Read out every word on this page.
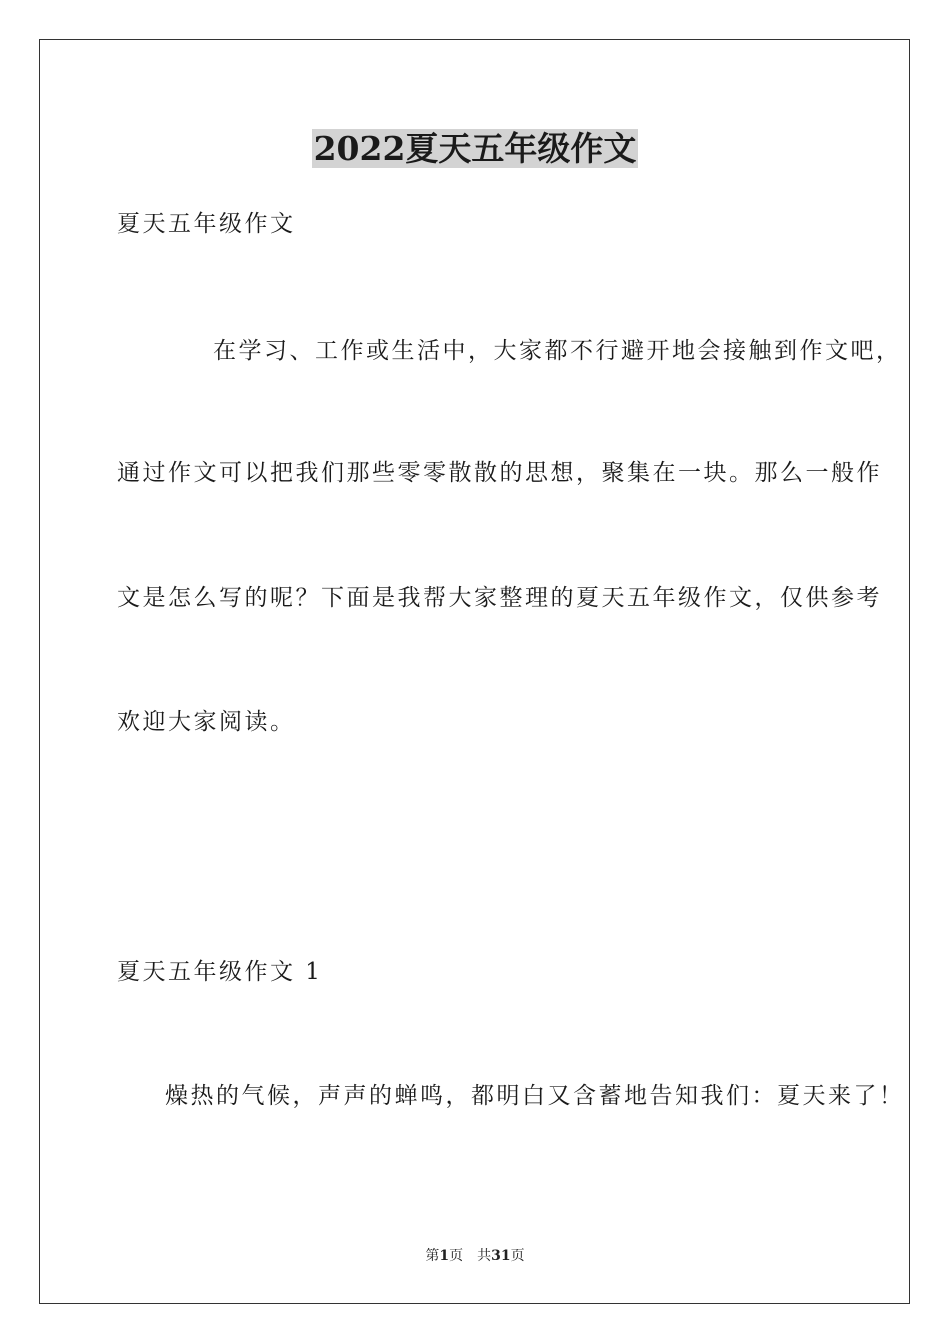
2022夏天五年级作文
夏天五年级作文
在学习、工作或生活中，大家都不行避开地会接触到作文吧，
通过作文可以把我们那些零零散散的思想，聚集在一块。那么一般作
文是怎么写的呢？下面是我帮大家整理的夏天五年级作文，仅供参考
欢迎大家阅读。
夏天五年级作文 1
燥热的气候，声声的蝉鸣，都明白又含蓄地告知我们：夏天来了！
第1页 共31页
